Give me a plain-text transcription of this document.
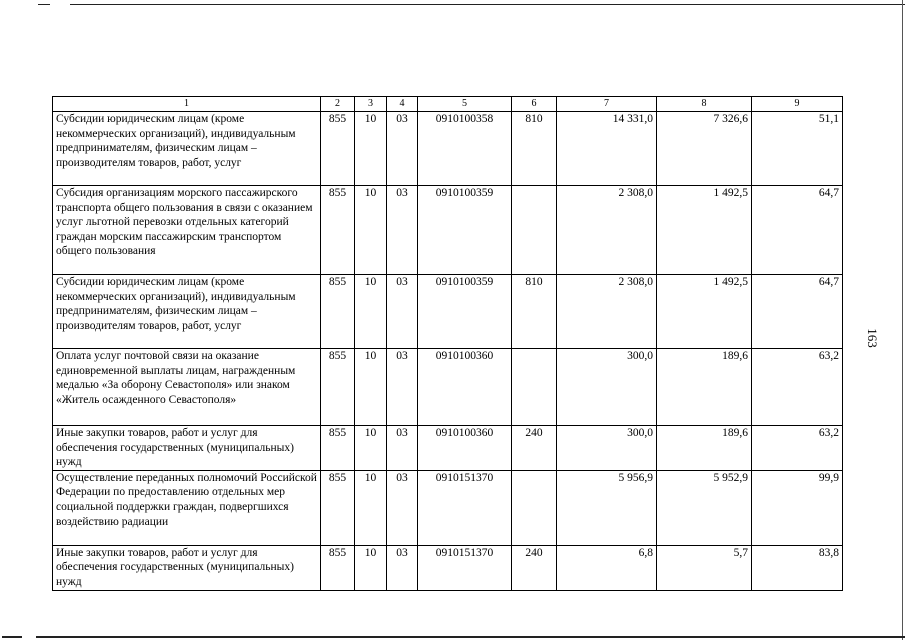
163
1	2	3	4	5	6	7	8	9
Субсидии юридическим лицам (кроме некоммерческих организаций), индивидуальным предпринимателям, физическим лицам – производителям товаров, работ, услуг	855	10	03	0910100358	810	14 331,0	7 326,6	51,1
Субсидия организациям морского пассажирского транспорта общего пользования в связи с оказанием услуг льготной перевозки отдельных категорий граждан морским пассажирским транспортом общего пользования	855	10	03	0910100359		2 308,0	1 492,5	64,7
Субсидии юридическим лицам (кроме некоммерческих организаций), индивидуальным предпринимателям, физическим лицам – производителям товаров, работ, услуг	855	10	03	0910100359	810	2 308,0	1 492,5	64,7
Оплата услуг почтовой связи на оказание единовременной выплаты лицам, награжденным медалью «За оборону Севастополя» или знаком «Житель осажденного Севастополя»	855	10	03	0910100360		300,0	189,6	63,2
Иные закупки товаров, работ и услуг для обеспечения государственных (муниципальных) нужд	855	10	03	0910100360	240	300,0	189,6	63,2
Осуществление переданных полномочий Российской Федерации по предоставлению отдельных мер социальной поддержки граждан, подвергшихся воздействию радиации	855	10	03	0910151370		5 956,9	5 952,9	99,9
Иные закупки товаров, работ и услуг для обеспечения государственных (муниципальных) нужд	855	10	03	0910151370	240	6,8	5,7	83,8
